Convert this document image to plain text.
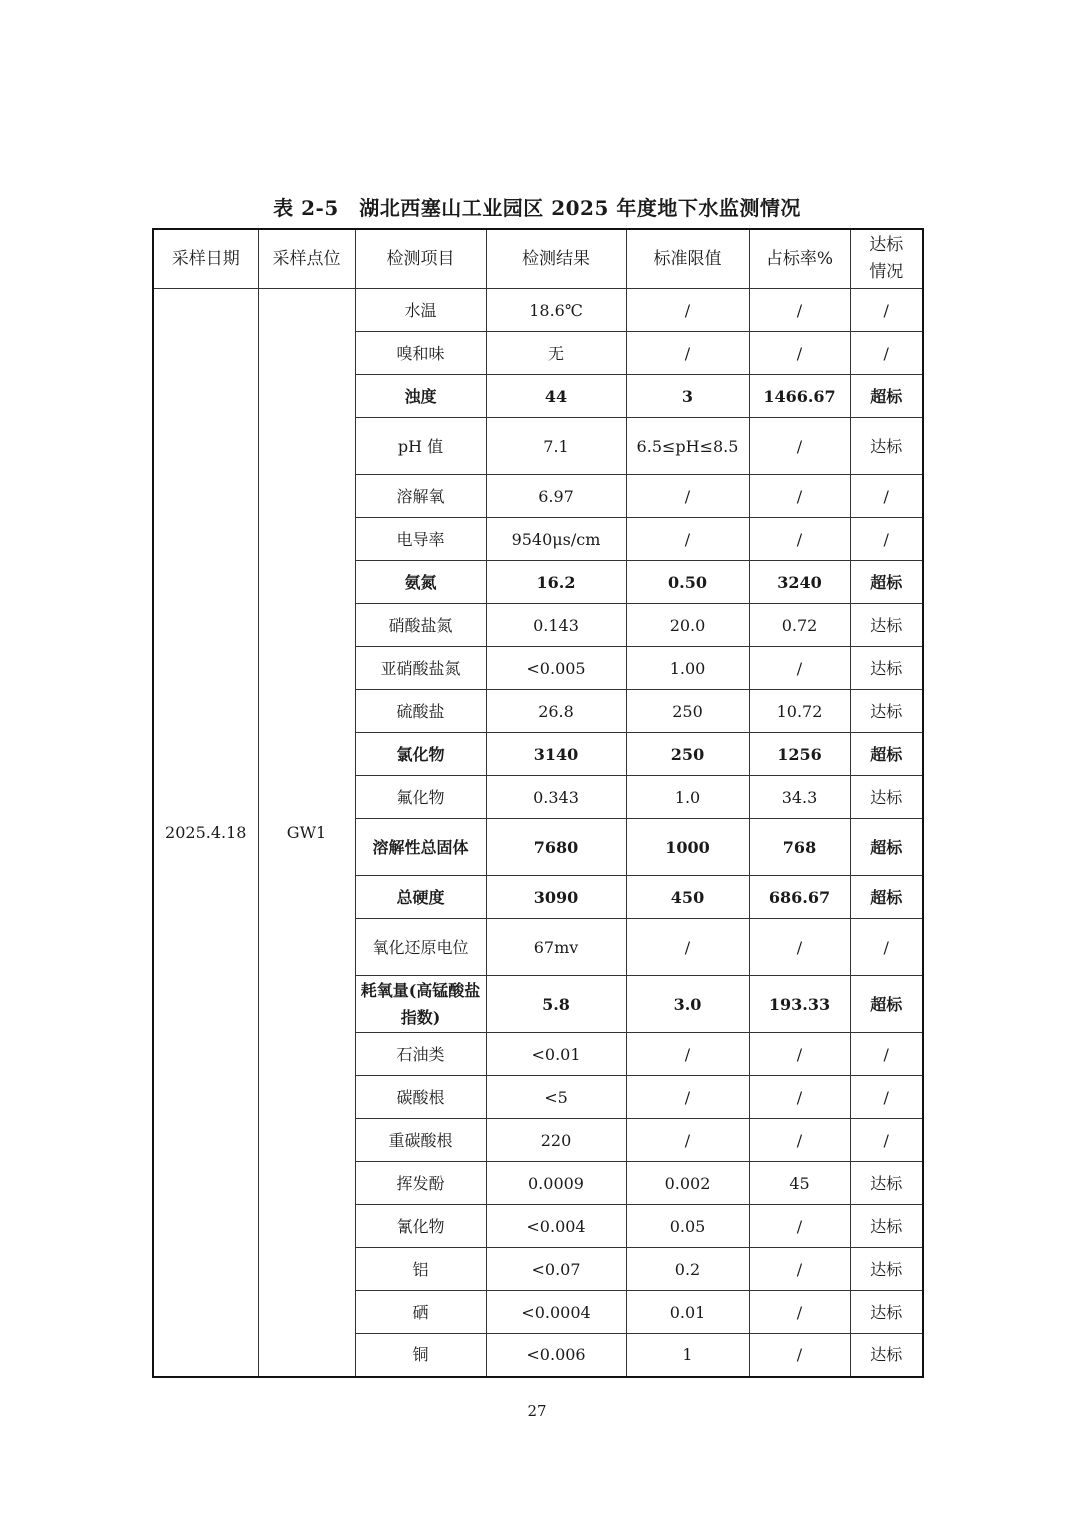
表 2-5　湖北西塞山工业园区 2025 年度地下水监测情况
采样日期	采样点位	检测项目	检测结果	标准限值	占标率%	达标情况
2025.4.18	GW1	水温	18.6℃	/	/	/
		嗅和味	无	/	/	/
		浊度	44	3	1466.67	超标
		pH 值	7.1	6.5≤pH≤8.5	/	达标
		溶解氧	6.97	/	/	/
		电导率	9540μs/cm	/	/	/
		氨氮	16.2	0.50	3240	超标
		硝酸盐氮	0.143	20.0	0.72	达标
		亚硝酸盐氮	<0.005	1.00	/	达标
		硫酸盐	26.8	250	10.72	达标
		氯化物	3140	250	1256	超标
		氟化物	0.343	1.0	34.3	达标
		溶解性总固体	7680	1000	768	超标
		总硬度	3090	450	686.67	超标
		氧化还原电位	67mv	/	/	/
		耗氧量(高锰酸盐指数)	5.8	3.0	193.33	超标
		石油类	<0.01	/	/	/
		碳酸根	<5	/	/	/
		重碳酸根	220	/	/	/
		挥发酚	0.0009	0.002	45	达标
		氰化物	<0.004	0.05	/	达标
		铝	<0.07	0.2	/	达标
		硒	<0.0004	0.01	/	达标
		铜	<0.006	1	/	达标
27
